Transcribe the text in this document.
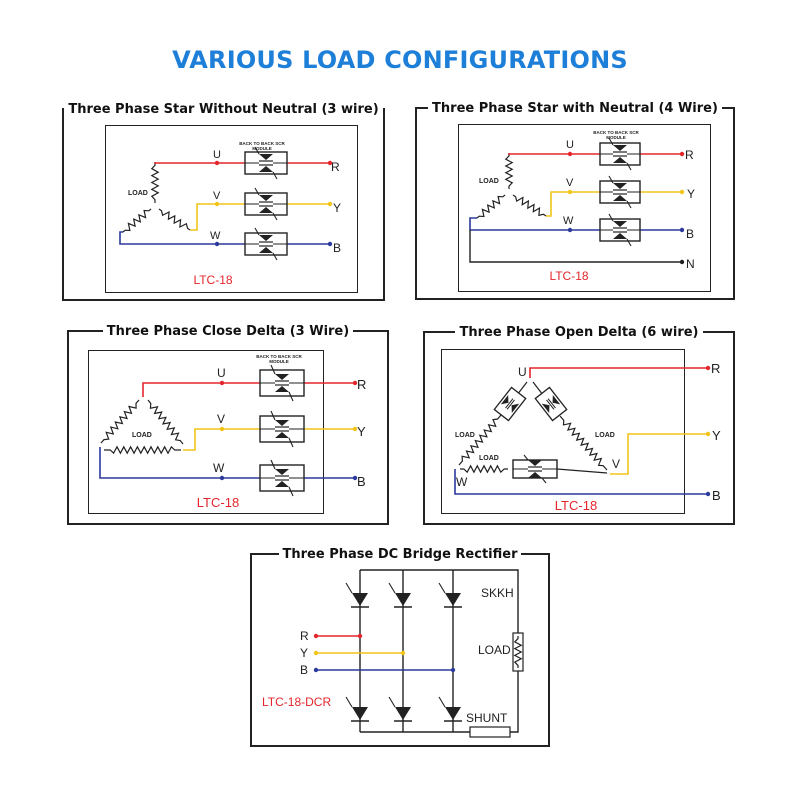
VARIOUS LOAD CONFIGURATIONS
Three Phase Star Without Neutral (3 wire)
LOAD
U
V
W
BACK TO BACK SCR
MODULE
R
Y
B
LTC-18
Three Phase Star with Neutral (4 Wire)
LOAD
U
V
W
BACK TO BACK SCR
MODULE
R
Y
B
N
LTC-18
Three Phase Close Delta (3 Wire)
LOAD
U
V
W
BACK TO BACK SCR
MODULE
R
Y
B
LTC-18
Three Phase Open Delta (6 wire)
LOAD	LOAD
LOAD
R
Y
B
U
V
W
LTC-18
Three Phase DC Bridge Rectifier
SKKH
LOAD
SHUNT
R
Y
B
LTC-18-DCR
